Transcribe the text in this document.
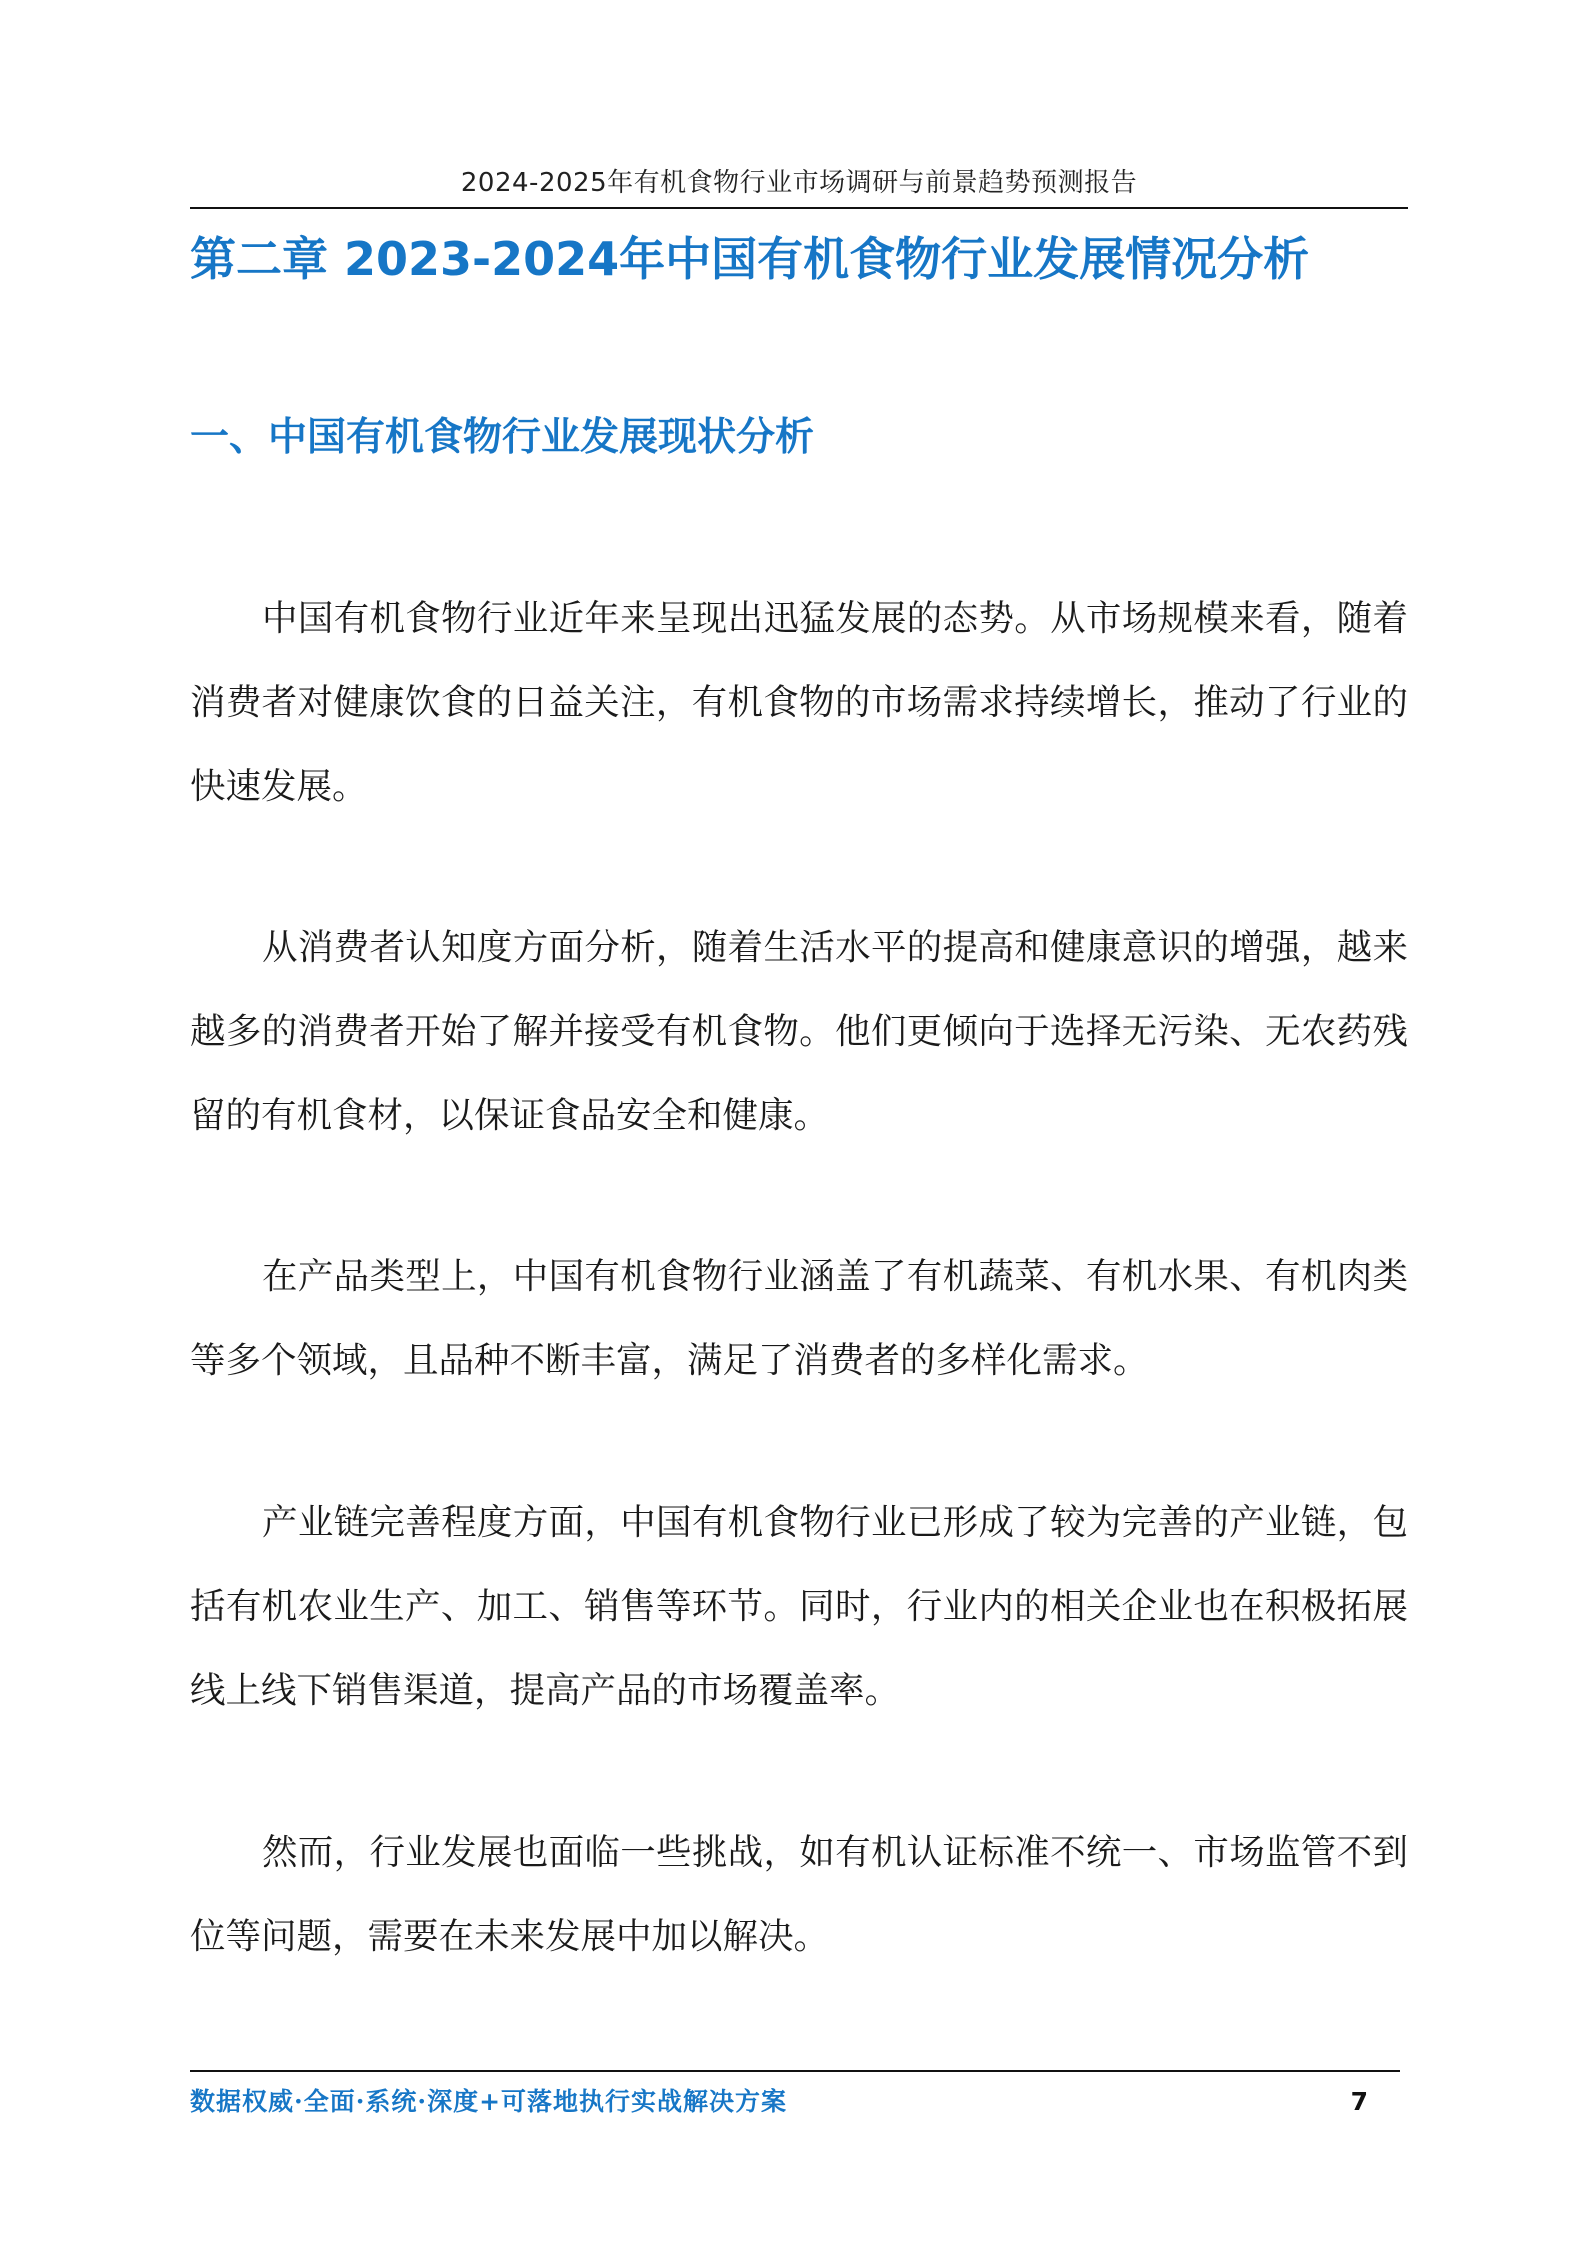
2024-2025年有机食物行业市场调研与前景趋势预测报告
第二章 2023-2024年中国有机食物行业发展情况分析
一、中国有机食物行业发展现状分析

中国有机食物行业近年来呈现出迅猛发展的态势。从市场规模来看，随着消费者对健康饮食的日益关注，有机食物的市场需求持续增长，推动了行业的快速发展。

从消费者认知度方面分析，随着生活水平的提高和健康意识的增强，越来越多的消费者开始了解并接受有机食物。他们更倾向于选择无污染、无农药残留的有机食材，以保证食品安全和健康。

在产品类型上，中国有机食物行业涵盖了有机蔬菜、有机水果、有机肉类等多个领域，且品种不断丰富，满足了消费者的多样化需求。

产业链完善程度方面，中国有机食物行业已形成了较为完善的产业链，包括有机农业生产、加工、销售等环节。同时，行业内的相关企业也在积极拓展线上线下销售渠道，提高产品的市场覆盖率。

然而，行业发展也面临一些挑战，如有机认证标准不统一、市场监管不到位等问题，需要在未来发展中加以解决。

数据权威·全面·系统·深度+可落地执行实战解决方案	7
